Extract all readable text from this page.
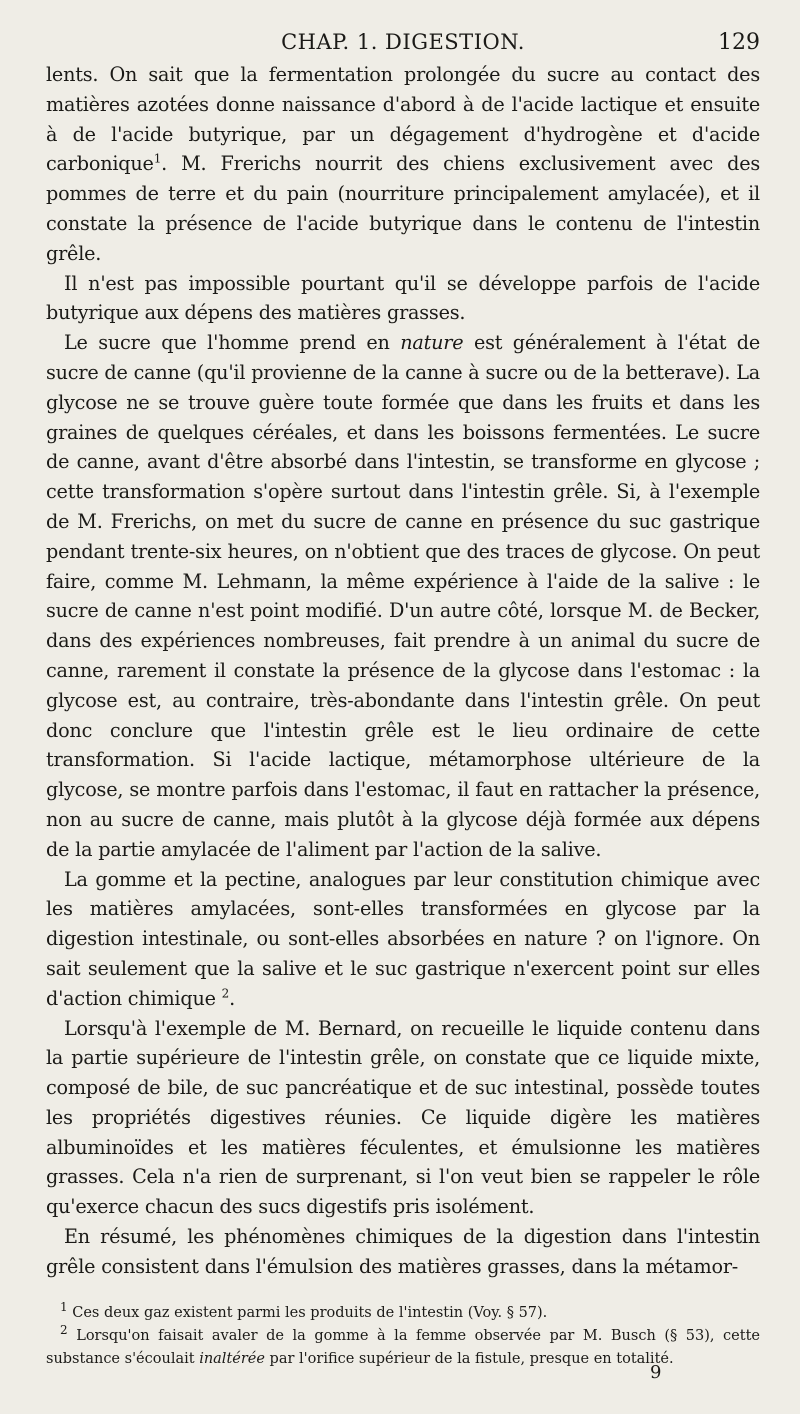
CHAP. 1. DIGESTION.	129

lents. On sait que la fermentation prolongée du sucre au contact des matières azotées donne naissance d'abord à de l'acide lactique et ensuite à de l'acide butyrique, par un dégagement d'hydrogène et d'acide carbonique$^1$. M. Frerichs nourrit des chiens exclusivement avec des pommes de terre et du pain (nourriture principalement amylacée), et il constate la présence de l'acide butyrique dans le contenu de l'intestin grêle.

Il n'est pas impossible pourtant qu'il se développe parfois de l'acide butyrique aux dépens des matières grasses.

Le sucre que l'homme prend en nature est généralement à l'état de sucre de canne (qu'il provienne de la canne à sucre ou de la betterave). La glycose ne se trouve guère toute formée que dans les fruits et dans les graines de quelques céréales, et dans les boissons fermentées. Le sucre de canne, avant d'être absorbé dans l'intestin, se transforme en glycose ; cette transformation s'opère surtout dans l'intestin grêle. Si, à l'exemple de M. Frerichs, on met du sucre de canne en présence du suc gastrique pendant trente-six heures, on n'obtient que des traces de glycose. On peut faire, comme M. Lehmann, la même expérience à l'aide de la salive : le sucre de canne n'est point modifié. D'un autre côté, lorsque M. de Becker, dans des expériences nombreuses, fait prendre à un animal du sucre de canne, rarement il constate la présence de la glycose dans l'estomac : la glycose est, au contraire, très-abondante dans l'intestin grêle. On peut donc conclure que l'intestin grêle est le lieu ordinaire de cette transformation. Si l'acide lactique, métamorphose ultérieure de la glycose, se montre parfois dans l'estomac, il faut en rattacher la présence, non au sucre de canne, mais plutôt à la glycose déjà formée aux dépens de la partie amylacée de l'aliment par l'action de la salive.

La gomme et la pectine, analogues par leur constitution chimique avec les matières amylacées, sont-elles transformées en glycose par la digestion intestinale, ou sont-elles absorbées en nature ? on l'ignore. On sait seulement que la salive et le suc gastrique n'exercent point sur elles d'action chimique $^2$.

Lorsqu'à l'exemple de M. Bernard, on recueille le liquide contenu dans la partie supérieure de l'intestin grêle, on constate que ce liquide mixte, composé de bile, de suc pancréatique et de suc intestinal, possède toutes les propriétés digestives réunies. Ce liquide digère les matières albuminoïdes et les matières féculentes, et émulsionne les matières grasses. Cela n'a rien de surprenant, si l'on veut bien se rappeler le rôle qu'exerce chacun des sucs digestifs pris isolément.

En résumé, les phénomènes chimiques de la digestion dans l'intestin grêle consistent dans l'émulsion des matières grasses, dans la métamor-

$^1$ Ces deux gaz existent parmi les produits de l'intestin (Voy. § 57).

$^2$ Lorsqu'on faisait avaler de la gomme à la femme observée par M. Busch (§ 53), cette substance s'écoulait inaltérée par l'orifice supérieur de la fistule, presque en totalité.

9
